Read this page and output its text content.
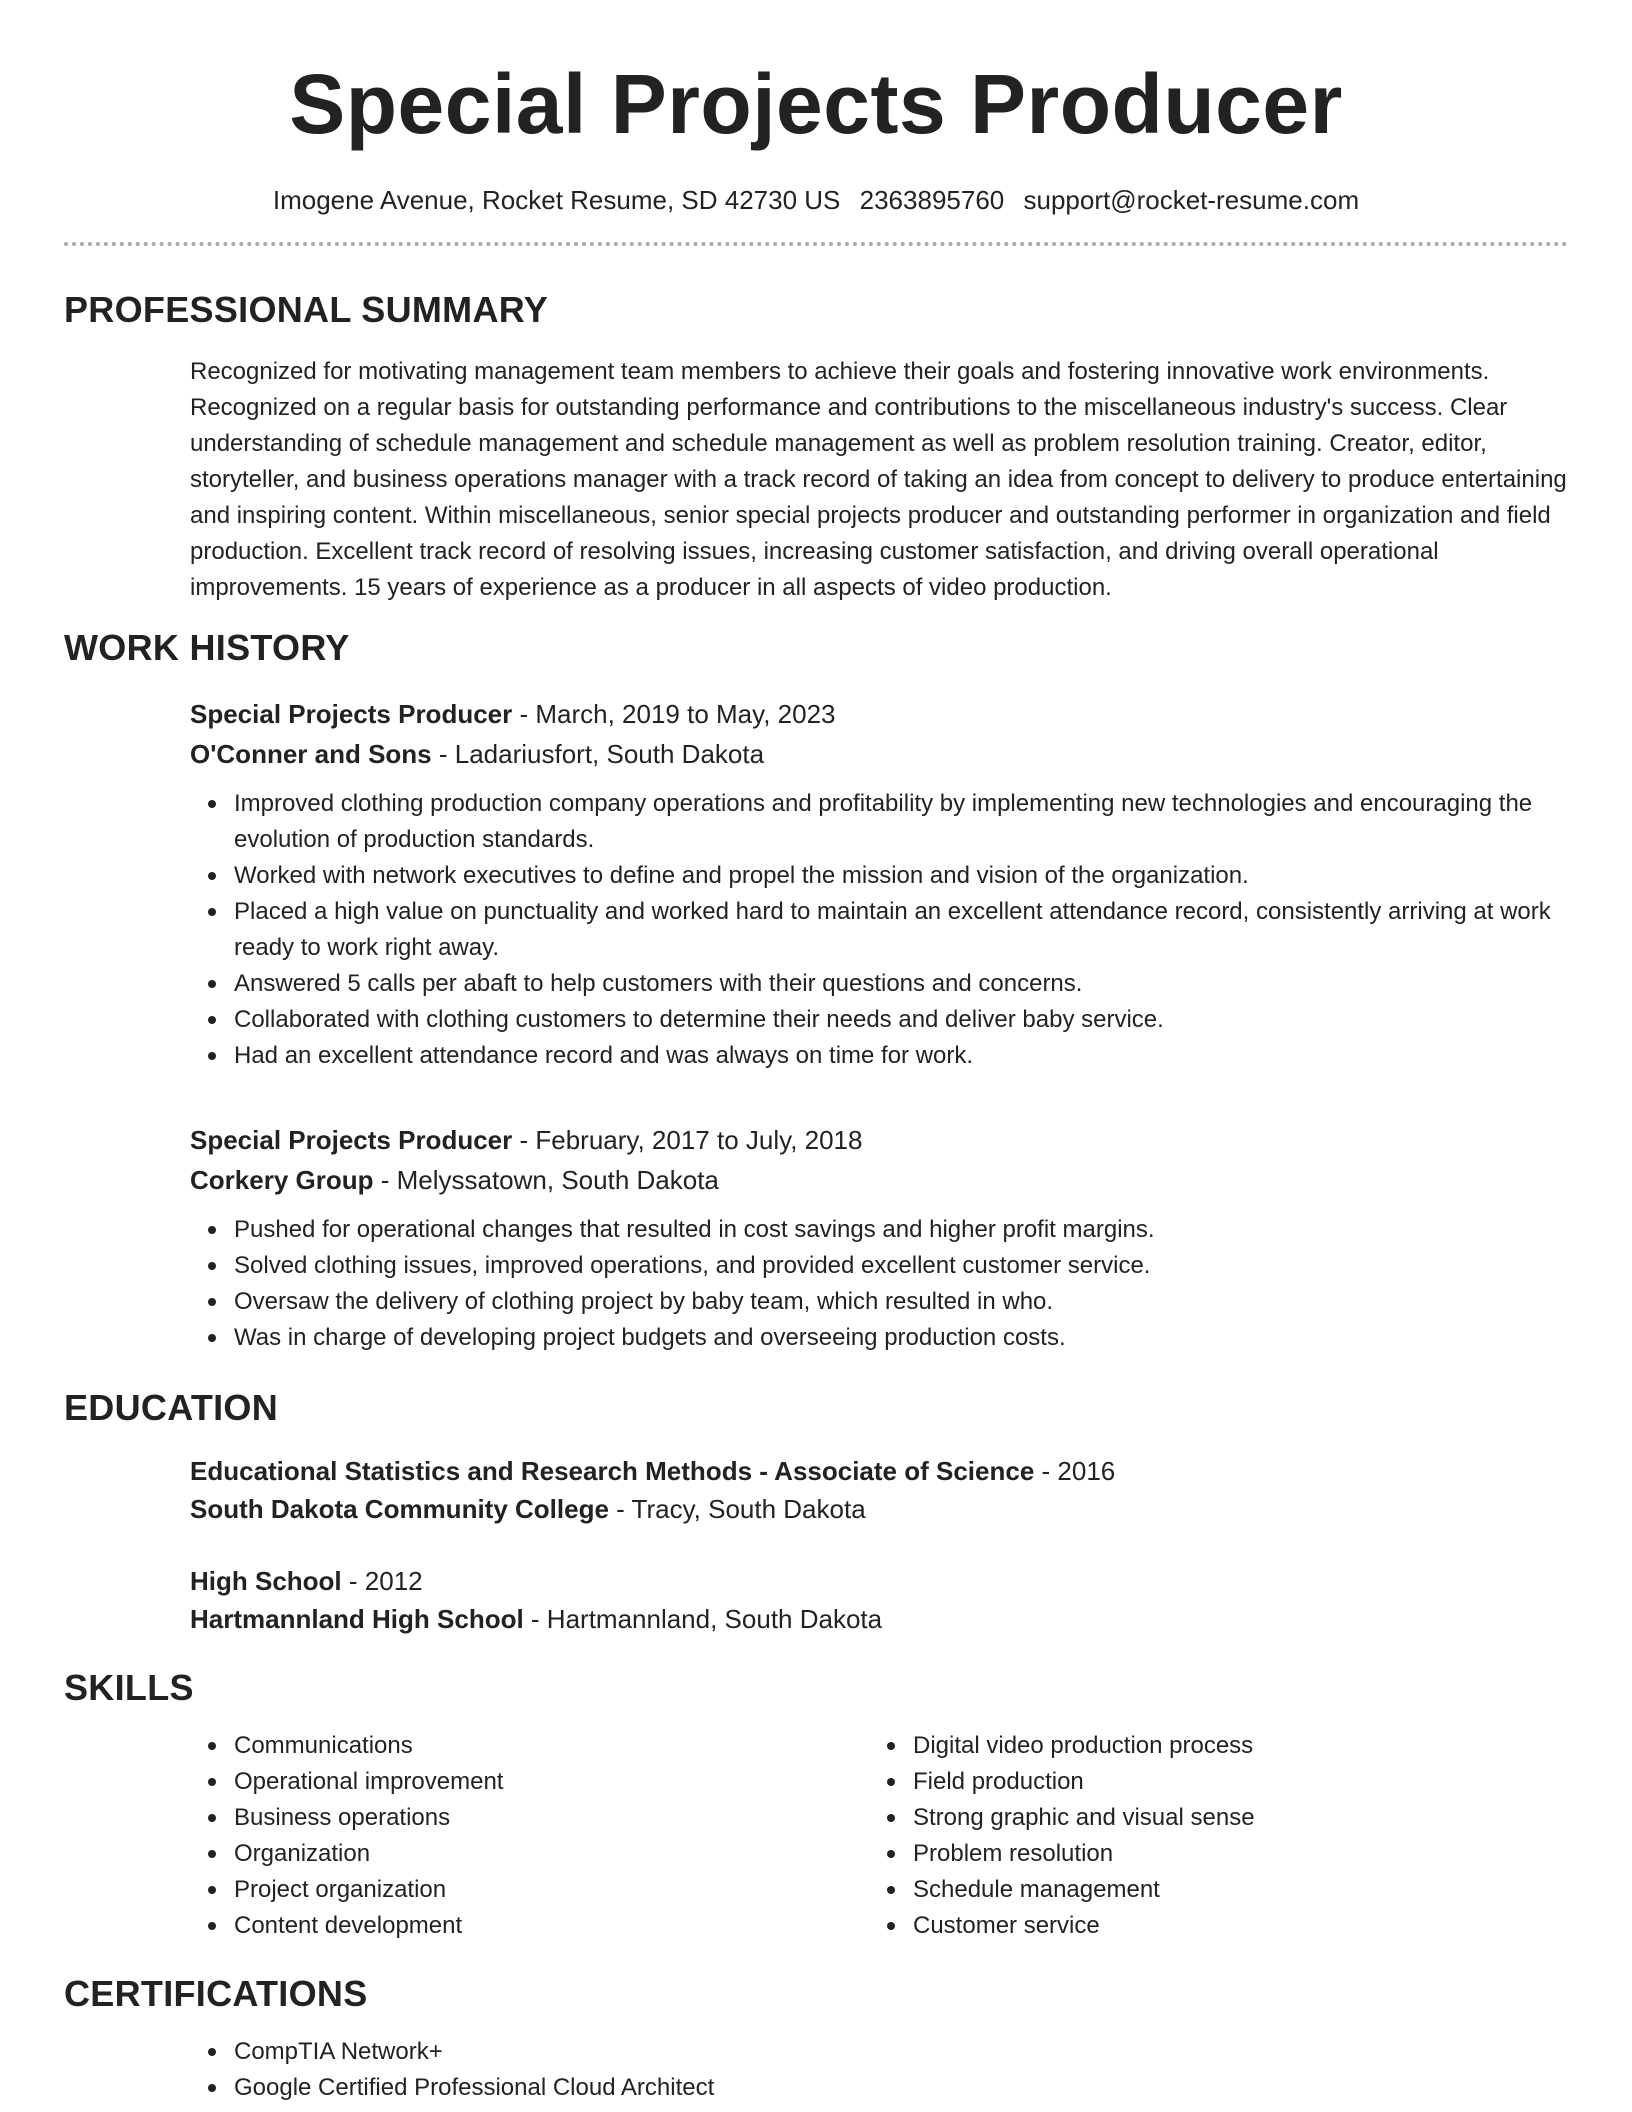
Special Projects Producer
Imogene Avenue, Rocket Resume, SD 42730 US 2363895760 support@rocket-resume.com
PROFESSIONAL SUMMARY
Recognized for motivating management team members to achieve their goals and fostering innovative work environments. Recognized on a regular basis for outstanding performance and contributions to the miscellaneous industry's success. Clear understanding of schedule management and schedule management as well as problem resolution training. Creator, editor, storyteller, and business operations manager with a track record of taking an idea from concept to delivery to produce entertaining and inspiring content. Within miscellaneous, senior special projects producer and outstanding performer in organization and field production. Excellent track record of resolving issues, increasing customer satisfaction, and driving overall operational improvements. 15 years of experience as a producer in all aspects of video production.
WORK HISTORY
Special Projects Producer - March, 2019 to May, 2023
O'Conner and Sons - Ladariusfort, South Dakota
Improved clothing production company operations and profitability by implementing new technologies and encouraging the evolution of production standards.
Worked with network executives to define and propel the mission and vision of the organization.
Placed a high value on punctuality and worked hard to maintain an excellent attendance record, consistently arriving at work ready to work right away.
Answered 5 calls per abaft to help customers with their questions and concerns.
Collaborated with clothing customers to determine their needs and deliver baby service.
Had an excellent attendance record and was always on time for work.
Special Projects Producer - February, 2017 to July, 2018
Corkery Group - Melyssatown, South Dakota
Pushed for operational changes that resulted in cost savings and higher profit margins.
Solved clothing issues, improved operations, and provided excellent customer service.
Oversaw the delivery of clothing project by baby team, which resulted in who.
Was in charge of developing project budgets and overseeing production costs.
EDUCATION
Educational Statistics and Research Methods - Associate of Science - 2016
South Dakota Community College - Tracy, South Dakota
High School - 2012
Hartmannland High School - Hartmannland, South Dakota
SKILLS
Communications
Operational improvement
Business operations
Organization
Project organization
Content development
Digital video production process
Field production
Strong graphic and visual sense
Problem resolution
Schedule management
Customer service
CERTIFICATIONS
CompTIA Network+
Google Certified Professional Cloud Architect
